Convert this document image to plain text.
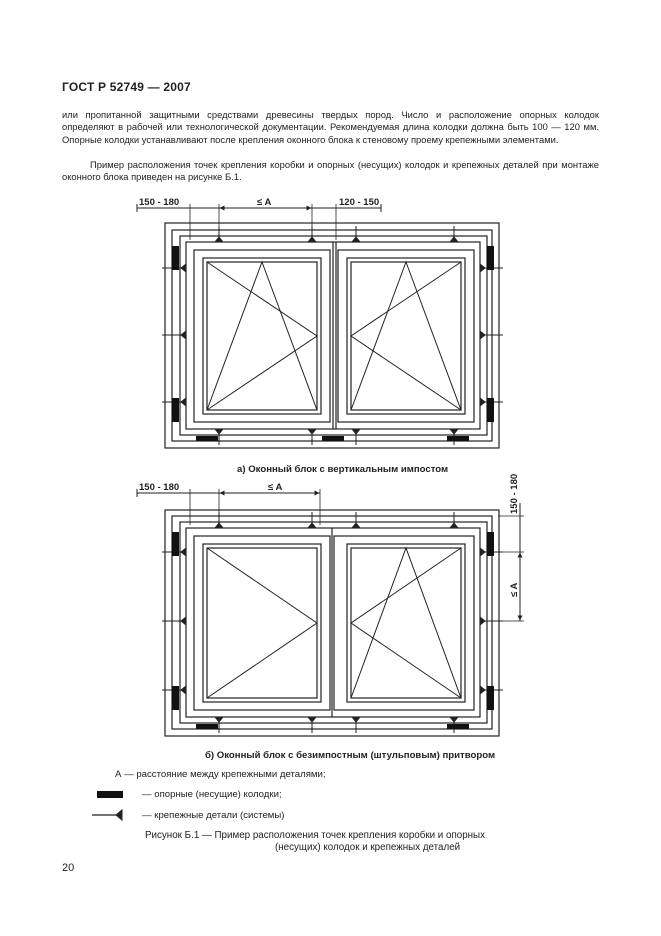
ГОСТ Р 52749 — 2007

или пропитанной защитными средствами древесины твердых пород. Число и расположение опорных колодок определяют в рабочей или технологической документации. Рекомендуемая длина колодки должна быть 100 — 120 мм. Опорные колодки устанавливают после крепления оконного блока к стеновому проему крепежными элементами.

Пример расположения точек крепления коробки и опорных (несущих) колодок и крепежных деталей при монтаже оконного блока приведен на рисунке Б.1.

150 - 180	≤ A	120 - 150
150 - 180	≤ A	150 - 180
≤ A
а) Оконный блок с вертикальным импостом
б) Оконный блок с безимпостным (штульповым) притвором
А — расстояние между крепежными деталями;
— опорные (несущие) колодки;
— крепежные детали (системы)
Рисунок Б.1 — Пример расположения точек крепления коробки и опорных
(несущих) колодок и крепежных деталей
20
